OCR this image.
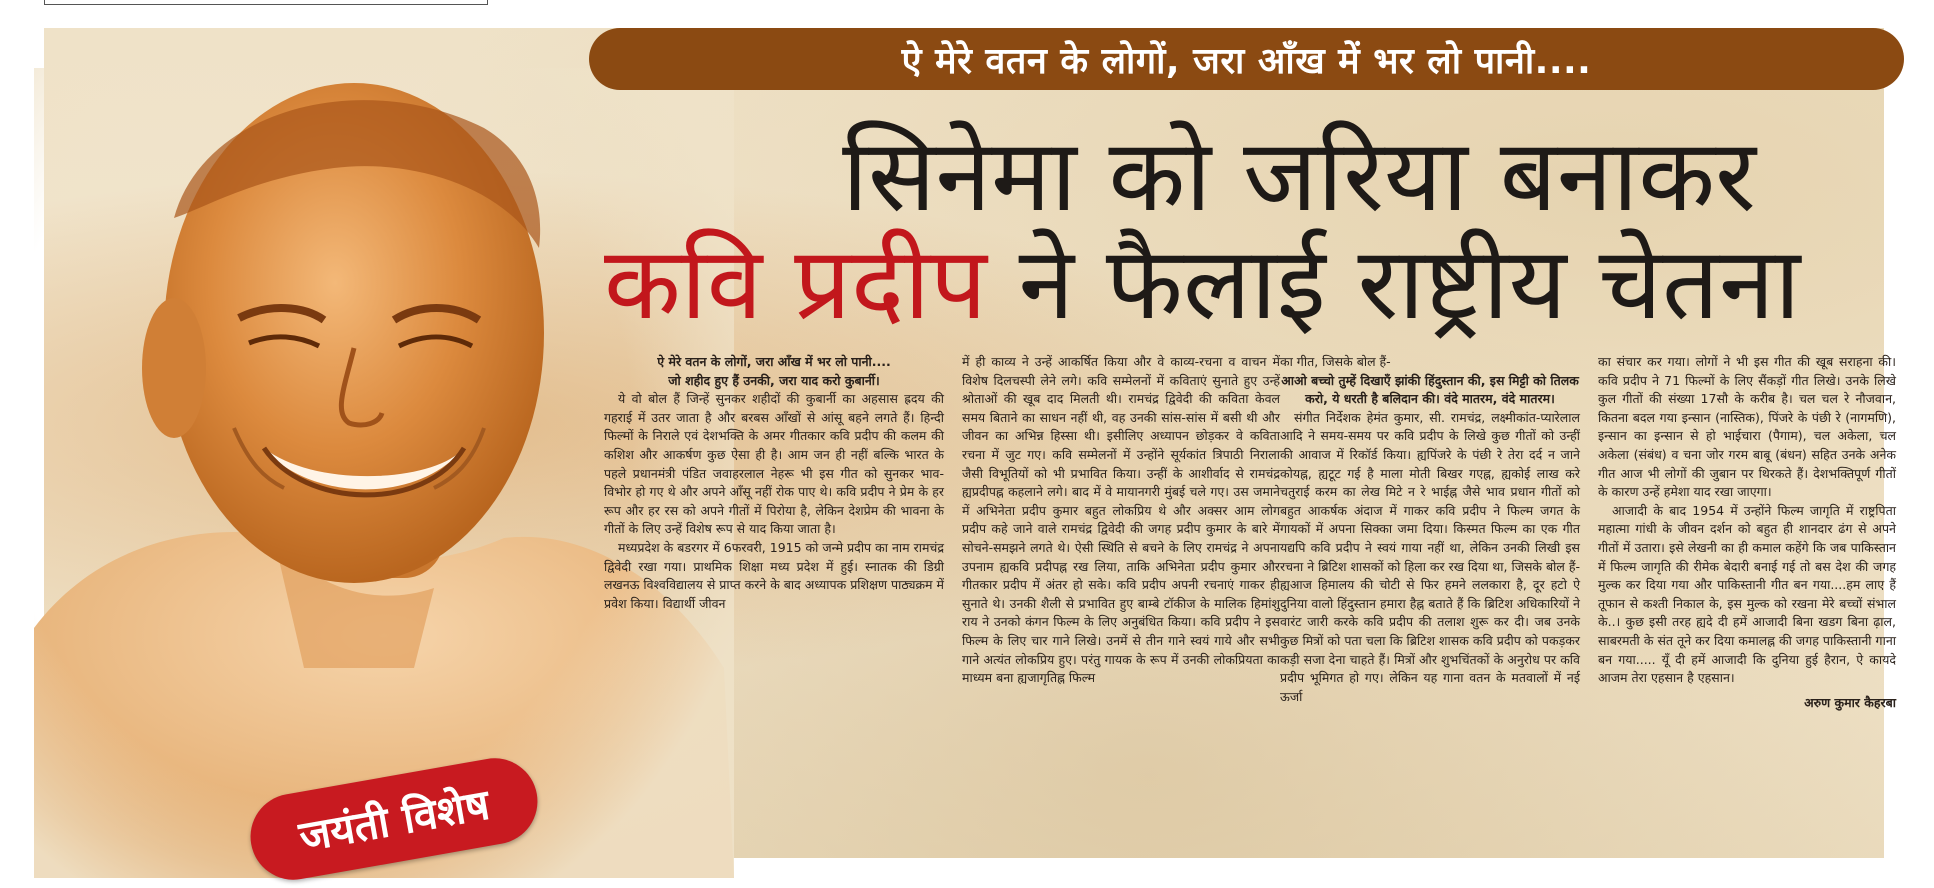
ऐ मेरे वतन के लोगों, जरा आँख में भर लो पानी....
सिनेमा को जरिया बनाकर
कवि प्रदीप ने फैलाई राष्ट्रीय चेतना
जयंती विशेष

ऐ मेरे वतन के लोगों, जरा आँख में भर लो पानी....

जो शहीद हुए हैं उनकी, जरा याद करो कुबार्नी।

ये वो बोल हैं जिन्हें सुनकर शहीदों की कुबार्नी का अहसास ह्रदय की गहराई में उतर जाता है और बरबस आँखों से आंसू बहने लगते हैं। हिन्दी फिल्मों के निराले एवं देशभक्ति के अमर गीतकार कवि प्रदीप की कलम की कशिश और आकर्षण कुछ ऐसा ही है। आम जन ही नहीं बल्कि भारत के पहले प्रधानमंत्री पंडित जवाहरलाल नेहरू भी इस गीत को सुनकर भाव-विभोर हो गए थे और अपने आँसू नहीं रोक पाए थे। कवि प्रदीप ने प्रेम के हर रूप और हर रस को अपने गीतों में पिरोया है, लेकिन देशप्रेम की भावना के गीतों के लिए उन्हें विशेष रूप से याद किया जाता है।

मध्यप्रदेश के बडरगर में 6फरवरी, 1915 को जन्मे प्रदीप का नाम रामचंद्र द्विवेदी रखा गया। प्राथमिक शिक्षा मध्य प्रदेश में हुई। स्नातक की डिग्री लखनऊ विश्वविद्यालय से प्राप्त करने के बाद अध्यापक प्रशिक्षण पाठ्यक्रम में प्रवेश किया। विद्यार्थी जीवन

में ही काव्य ने उन्हें आकर्षित किया और वे काव्य-रचना व वाचन में विशेष दिलचस्पी लेने लगे। कवि सम्मेलनों में कविताएं सुनाते हुए उन्हें श्रोताओं की खूब दाद मिलती थी। रामचंद्र द्विवेदी की कविता केवल समय बिताने का साधन नहीं थी, वह उनकी सांस-सांस में बसी थी और जीवन का अभिन्न हिस्सा थी। इसीलिए अध्यापन छोड़कर वे कविता रचना में जुट गए। कवि सम्मेलनों में उन्होंने सूर्यकांत त्रिपाठी निराला जैसी विभूतियों को भी प्रभावित किया। उन्हीं के आशीर्वाद से रामचंद्र ह्यप्रदीपह्न कहलाने लगे। बाद में वे मायानगरी मुंबई चले गए। उस जमाने में अभिनेता प्रदीप कुमार बहुत लोकप्रिय थे और अक्सर आम लोग प्रदीप कहे जाने वाले रामचंद्र द्विवेदी की जगह प्रदीप कुमार के बारे में सोचने-समझने लगते थे। ऐसी स्थिति से बचने के लिए रामचंद्र ने अपना उपनाम ह्यकवि प्रदीपह्न रख लिया, ताकि अभिनेता प्रदीप कुमार और गीतकार प्रदीप में अंतर हो सके। कवि प्रदीप अपनी रचनाएं गाकर ही सुनाते थे। उनकी शैली से प्रभावित हुए बाम्बे टॉकीज के मालिक हिमांशु राय ने उनको कंगन फिल्म के लिए अनुबंधित किया। कवि प्रदीप ने इस फिल्म के लिए चार गाने लिखे। उनमें से तीन गाने स्वयं गाये और सभी गाने अत्यंत लोकप्रिय हुए। परंतु गायक के रूप में उनकी लोकप्रियता का माध्यम बना ह्यजागृतिह्न फिल्म

का गीत, जिसके बोल हैं-

आओ बच्चो तुम्हें दिखाएँ झांकी हिंदुस्तान की, इस मिट्टी को तिलक करो, ये धरती है बलिदान की। वंदे मातरम, वंदे मातरम।

संगीत निर्देशक हेमंत कुमार, सी. रामचंद्र, लक्ष्मीकांत-प्यारेलाल आदि ने समय-समय पर कवि प्रदीप के लिखे कुछ गीतों को उन्हीं की आवाज में रिकॉर्ड किया। ह्यपिंजरे के पंछी रे तेरा दर्द न जाने कोयह्न, ह्यटूट गई है माला मोती बिखर गएह्न, ह्यकोई लाख करे चतुराई करम का लेख मिटे न रे भाईह्न जैसे भाव प्रधान गीतों को बहुत आकर्षक अंदाज में गाकर कवि प्रदीप ने फिल्म जगत के गायकों में अपना सिक्का जमा दिया। किस्मत फिल्म का एक गीत यद्यपि कवि प्रदीप ने स्वयं गाया नहीं था, लेकिन उनकी लिखी इस रचना ने ब्रिटिश शासकों को हिला कर रख दिया था, जिसके बोल हैं- ह्यआज हिमालय की चोटी से फिर हमने ललकारा है, दूर हटो ऐ दुनिया वालो हिंदुस्तान हमारा हैह्न बताते हैं कि ब्रिटिश अधिकारियों ने वारंट जारी करके कवि प्रदीप की तलाश शुरू कर दी। जब उनके कुछ मित्रों को पता चला कि ब्रिटिश शासक कवि प्रदीप को पकड़कर कड़ी सजा देना चाहते हैं। मित्रों और शुभचिंतकों के अनुरोध पर कवि प्रदीप भूमिगत हो गए। लेकिन यह गाना वतन के मतवालों में नई ऊर्जा

का संचार कर गया। लोगों ने भी इस गीत की खूब सराहना की। कवि प्रदीप ने 71 फिल्मों के लिए सैंकड़ों गीत लिखे। उनके लिखे कुल गीतों की संख्या 17सौ के करीब है। चल चल रे नौजवान, कितना बदल गया इन्सान (नास्तिक), पिंजरे के पंछी रे (नागमणि), इन्सान का इन्सान से हो भाईचारा (पैगाम), चल अकेला, चल अकेला (संबंध) व चना जोर गरम बाबू (बंधन) सहित उनके अनेक गीत आज भी लोगों की जुबान पर थिरकते हैं। देशभक्तिपूर्ण गीतों के कारण उन्हें हमेशा याद रखा जाएगा।

आजादी के बाद 1954 में उन्होंने फिल्म जागृति में राष्ट्रपिता महात्मा गांधी के जीवन दर्शन को बहुत ही शानदार ढंग से अपने गीतों में उतारा। इसे लेखनी का ही कमाल कहेंगे कि जब पाकिस्तान में फिल्म जागृति की रीमेक बेदारी बनाई गई तो बस देश की जगह मुल्क कर दिया गया और पाकिस्तानी गीत बन गया....हम लाए हैं तूफान से कश्ती निकाल के, इस मुल्क को रखना मेरे बच्चों संभाल के..। कुछ इसी तरह ह्यदे दी हमें आजादी बिना खडग बिना ढ़ाल, साबरमती के संत तूने कर दिया कमालह्न की जगह पाकिस्तानी गाना बन गया..... यूँ दी हमें आजादी कि दुनिया हुई हैरान, ऐ कायदे आजम तेरा एहसान है एहसान।

अरुण कुमार कैहरबा
